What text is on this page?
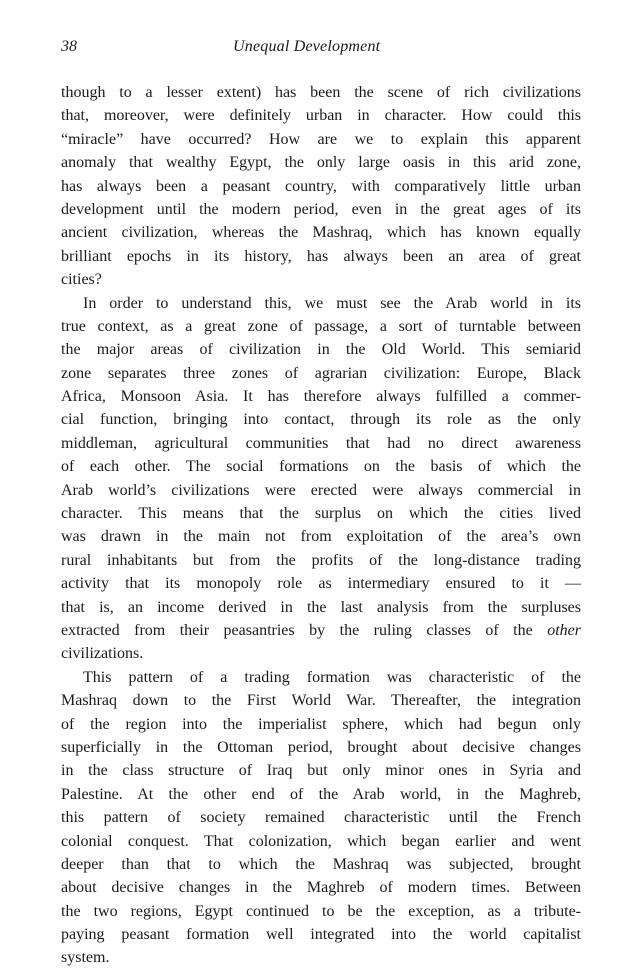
38	Unequal Development
though to a lesser extent) has been the scene of rich civilizations
that, moreover, were definitely urban in character. How could this
“miracle” have occurred? How are we to explain this apparent
anomaly that wealthy Egypt, the only large oasis in this arid zone,
has always been a peasant country, with comparatively little urban
development until the modern period, even in the great ages of its
ancient civilization, whereas the Mashraq, which has known equally
brilliant epochs in its history, has always been an area of great
cities?
In order to understand this, we must see the Arab world in its
true context, as a great zone of passage, a sort of turntable between
the major areas of civilization in the Old World. This semiarid
zone separates three zones of agrarian civilization: Europe, Black
Africa, Monsoon Asia. It has therefore always fulfilled a commer-
cial function, bringing into contact, through its role as the only
middleman, agricultural communities that had no direct awareness
of each other. The social formations on the basis of which the
Arab world’s civilizations were erected were always commercial in
character. This means that the surplus on which the cities lived
was drawn in the main not from exploitation of the area’s own
rural inhabitants but from the profits of the long-distance trading
activity that its monopoly role as intermediary ensured to it —
that is, an income derived in the last analysis from the surpluses
extracted from their peasantries by the ruling classes of the other
civilizations.
This pattern of a trading formation was characteristic of the
Mashraq down to the First World War. Thereafter, the integration
of the region into the imperialist sphere, which had begun only
superficially in the Ottoman period, brought about decisive changes
in the class structure of Iraq but only minor ones in Syria and
Palestine. At the other end of the Arab world, in the Maghreb,
this pattern of society remained characteristic until the French
colonial conquest. That colonization, which began earlier and went
deeper than that to which the Mashraq was subjected, brought
about decisive changes in the Maghreb of modern times. Between
the two regions, Egypt continued to be the exception, as a tribute-
paying peasant formation well integrated into the world capitalist
system.
